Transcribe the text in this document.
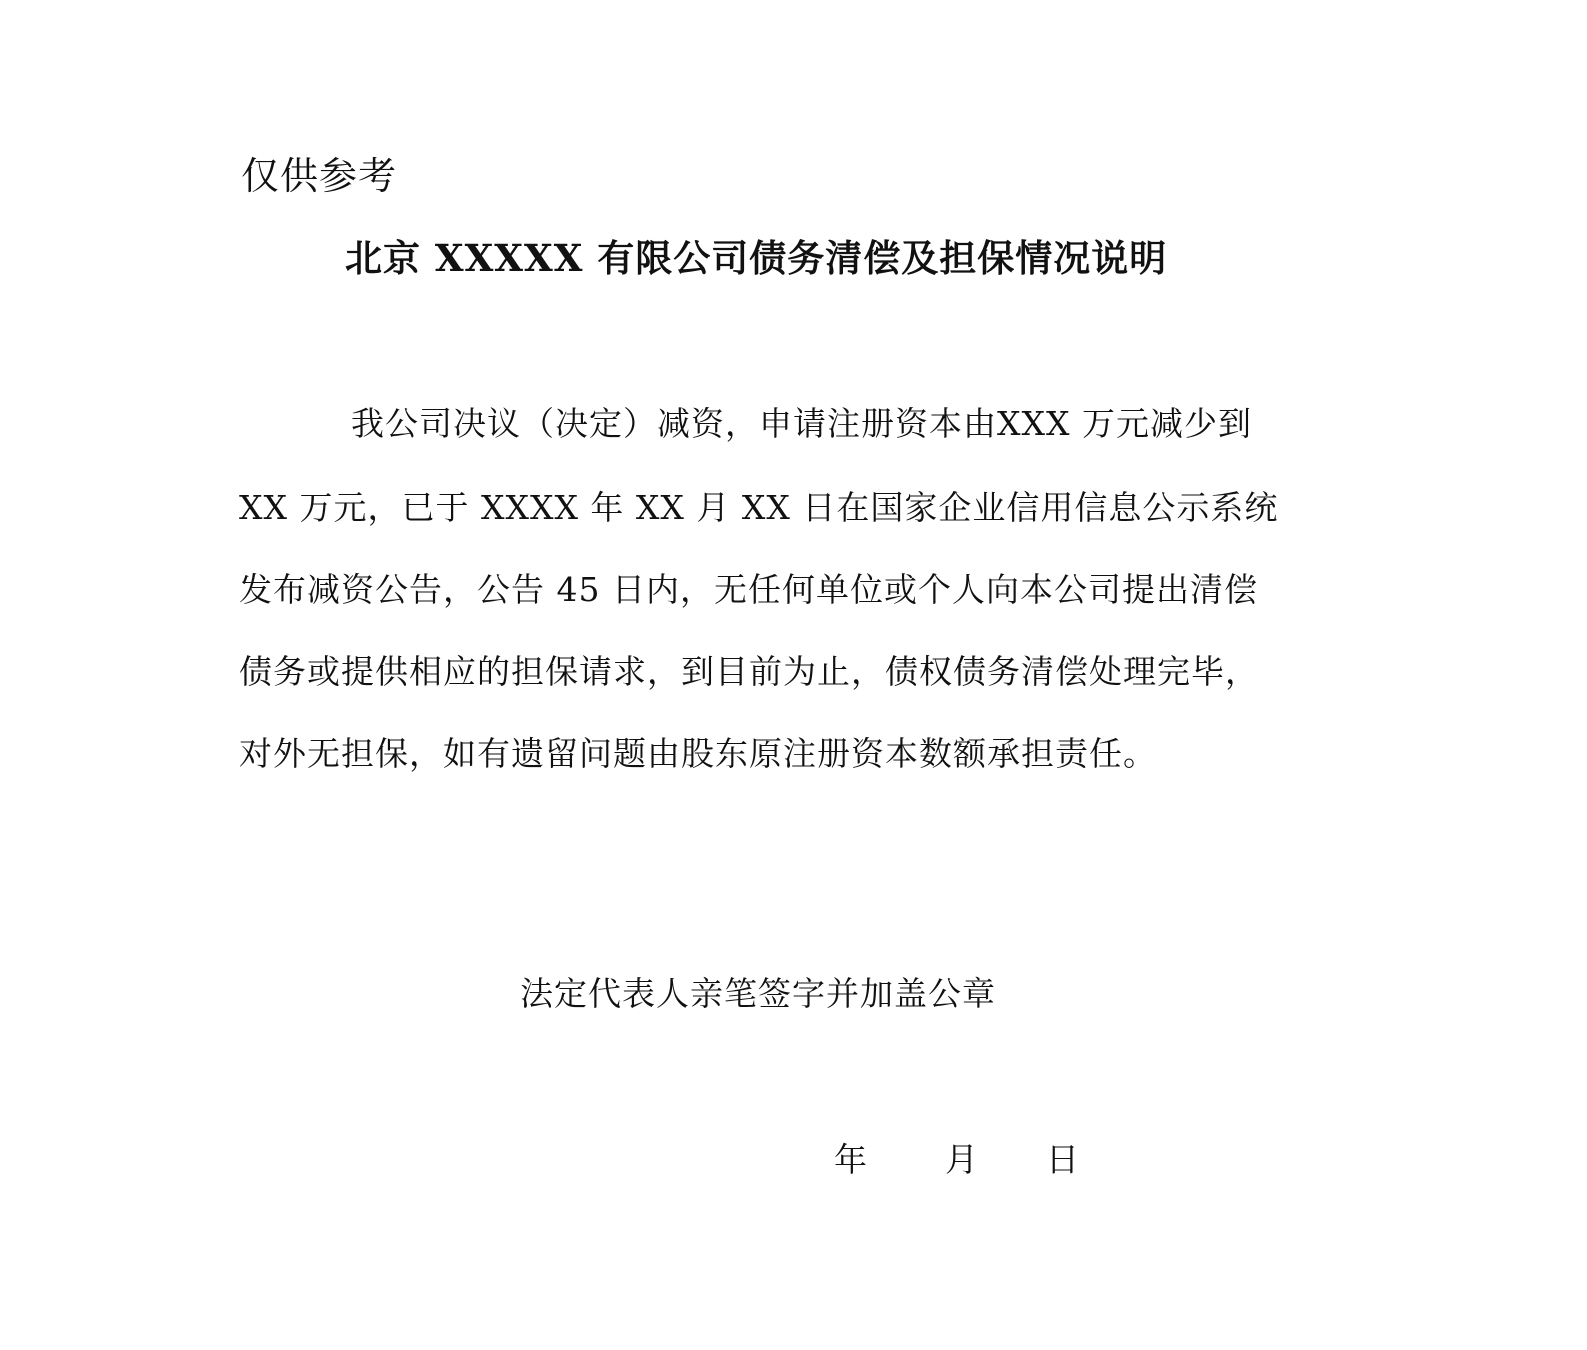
仅供参考
北京 XXXXX 有限公司债务清偿及担保情况说明
我公司决议（决定）减资，申请注册资本由XXX 万元减少到
XX 万元，已于 XXXX 年 XX 月 XX 日在国家企业信用信息公示系统
发布减资公告，公告 45 日内，无任何单位或个人向本公司提出清偿
债务或提供相应的担保请求，到目前为止，债权债务清偿处理完毕，
对外无担保，如有遗留问题由股东原注册资本数额承担责任。
法定代表人亲笔签字并加盖公章
年 月 日
